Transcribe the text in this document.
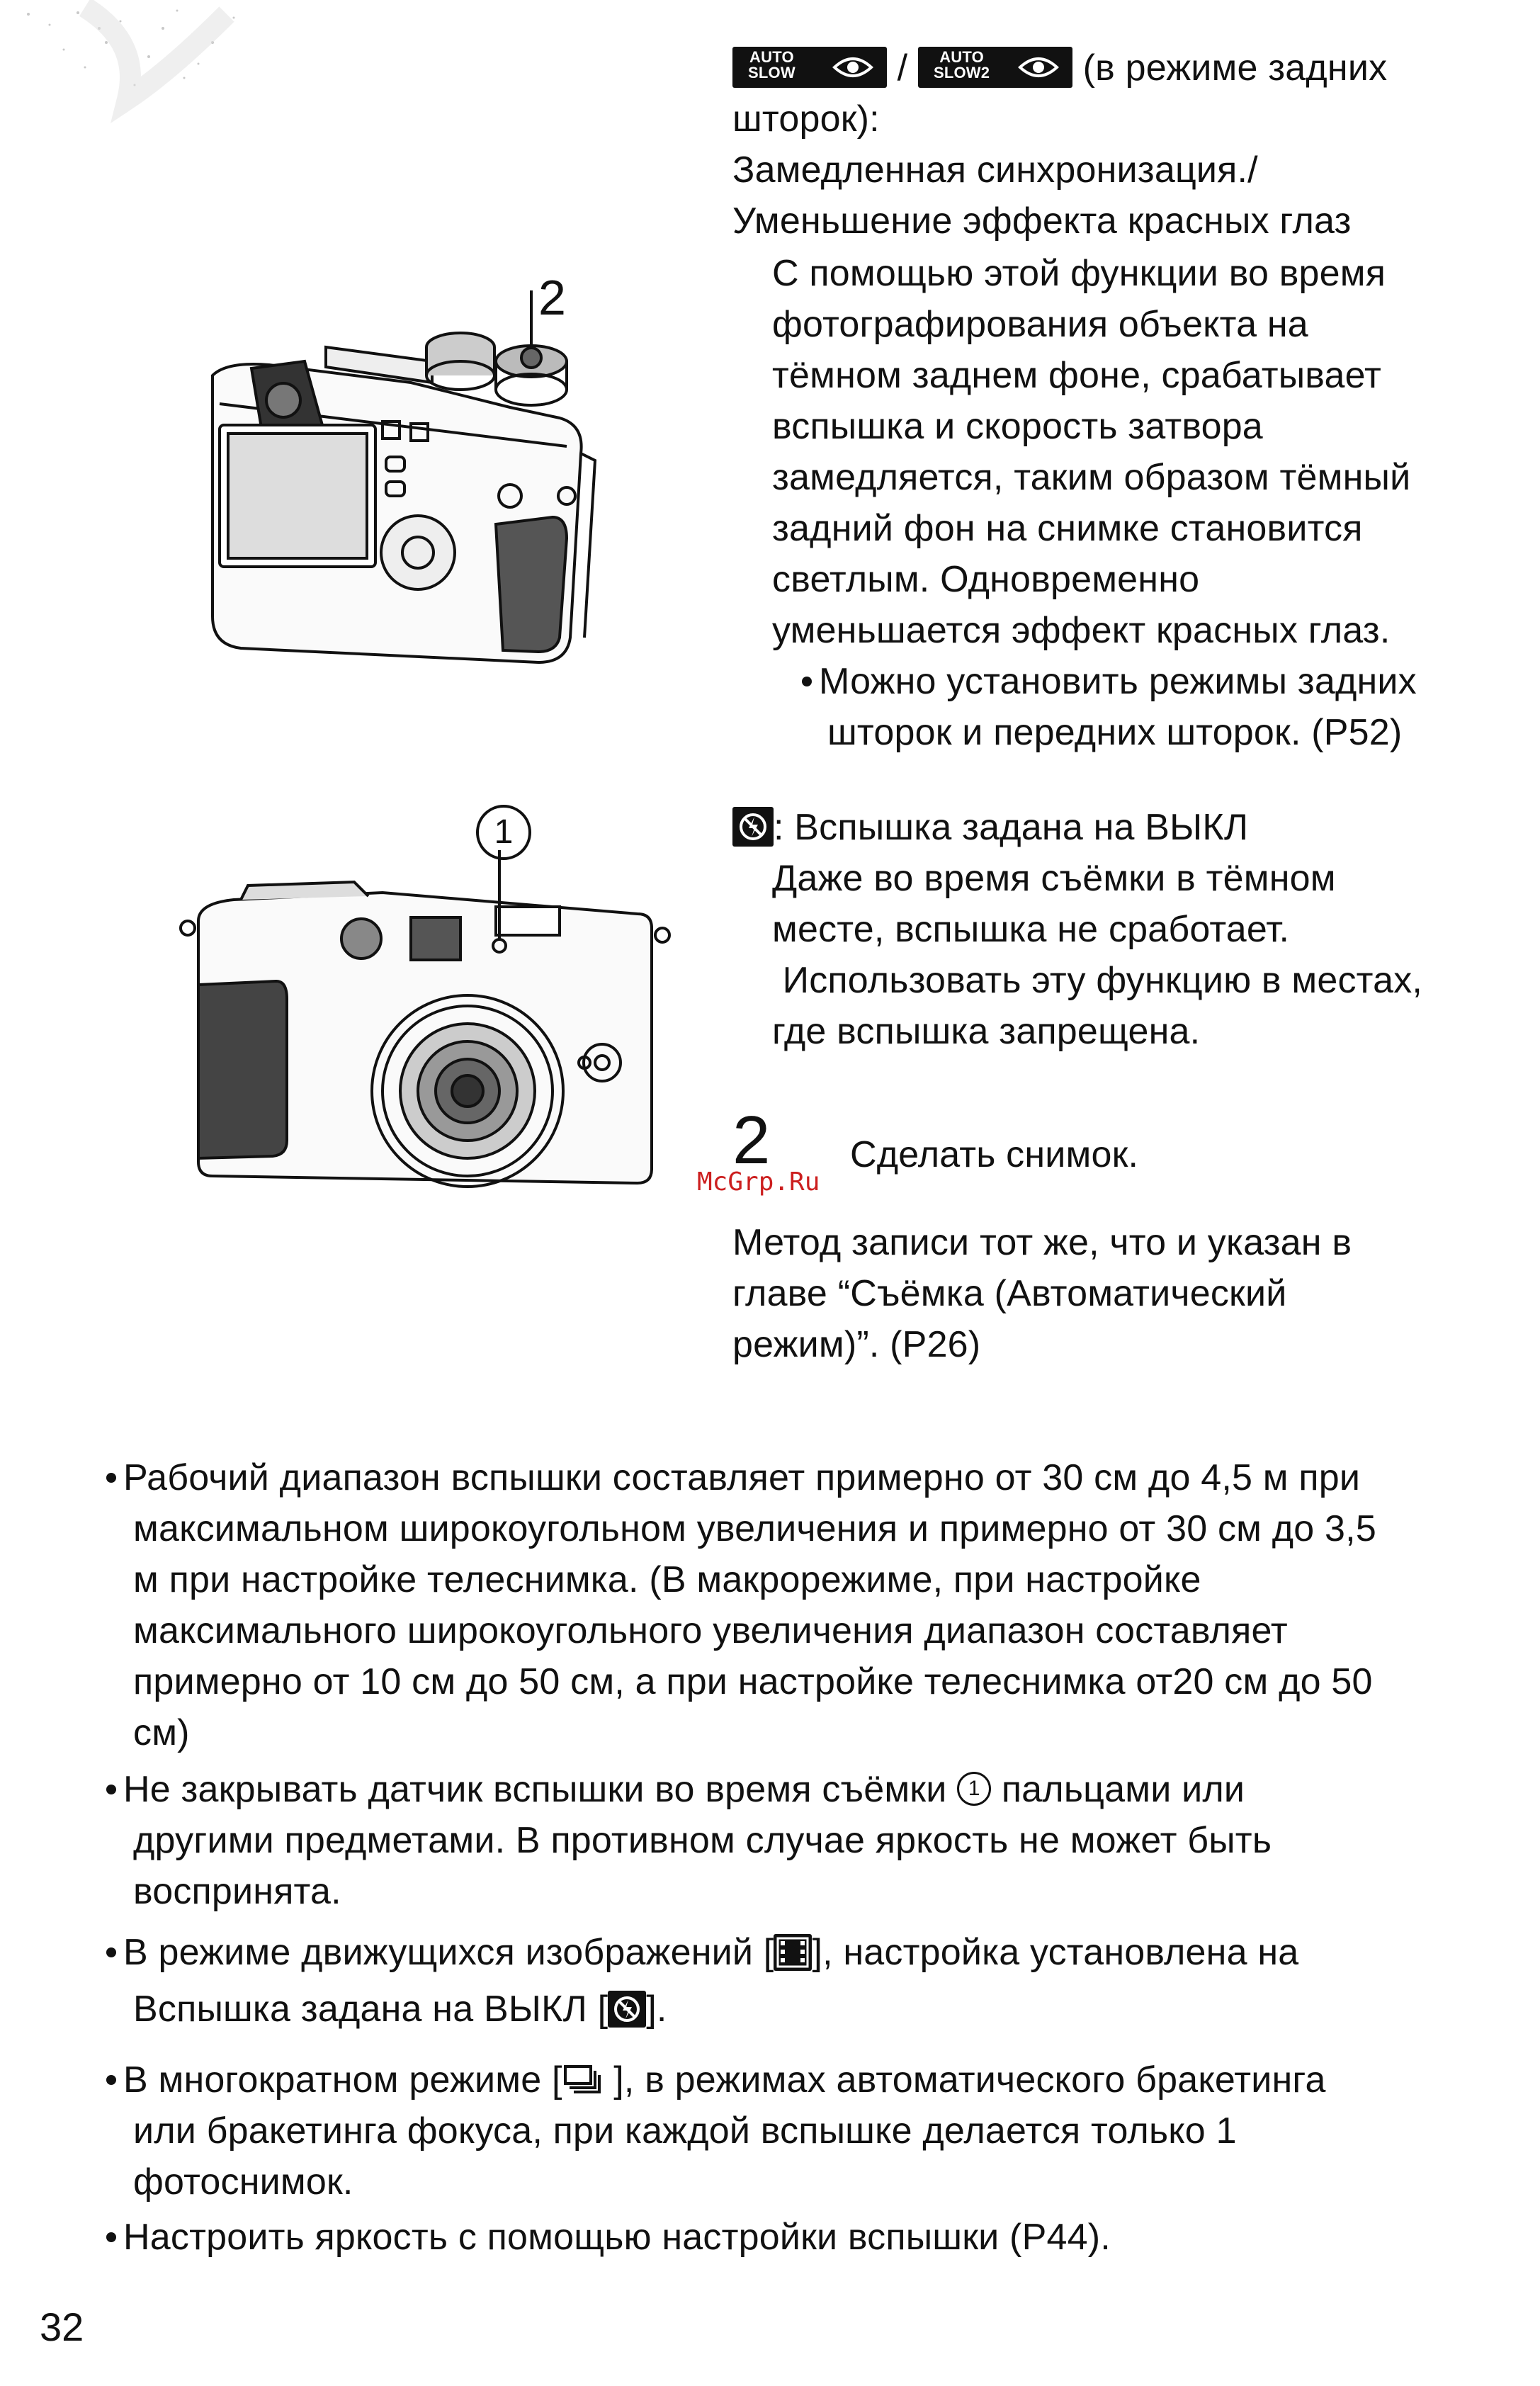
2
1
AUTO
SLOW	/	AUTO
SLOW2	(в режиме задних
шторок):
Замедленная синхронизация./
Уменьшение эффекта красных глаз
С помощью этой функции во время
фотографирования объекта на
тёмном заднем фоне, срабатывает
вспышка и скорость затвора
замедляется, таким образом тёмный
задний фон на снимке становится
светлым. Одновременно
уменьшается эффект красных глаз.
Можно установить режимы задних
шторок и передних шторок. (P52)
: Вспышка задана на ВЫКЛ
Даже во время съёмки в тёмном
месте, вспышка не сработает.
Использовать эту функцию в местах,
где вспышка запрещена.
2 Сделать снимок.
McGrp.Ru
Метод записи тот же, что и указан в
главе “Съёмка (Автоматический
режим)”. (P26)
Рабочий диапазон вспышки составляет примерно от 30 см до 4,5 м при
максимальном широкоугольном увеличения и примерно от 30 см до 3,5
м при настройке телеснимка. (В макрорежиме, при настройке
максимального широкоугольного увеличения диапазон составляет
примерно от 10 см до 50 см, а при настройке телеснимка от20 см до 50
см)
Не закрывать датчик вспышки во время съёмки 1 пальцами или
другими предметами. В противном случае яркость не может быть
воспринята.
В режиме движущихся изображений [ ], настройка установлена на
Вспышка задана на ВЫКЛ [ ].
В многократном режиме [ ], в режимах автоматического бракетинга
или бракетинга фокуса, при каждой вспышке делается только 1
фотоснимок.
Настроить яркость с помощью настройки вспышки (P44).
32
